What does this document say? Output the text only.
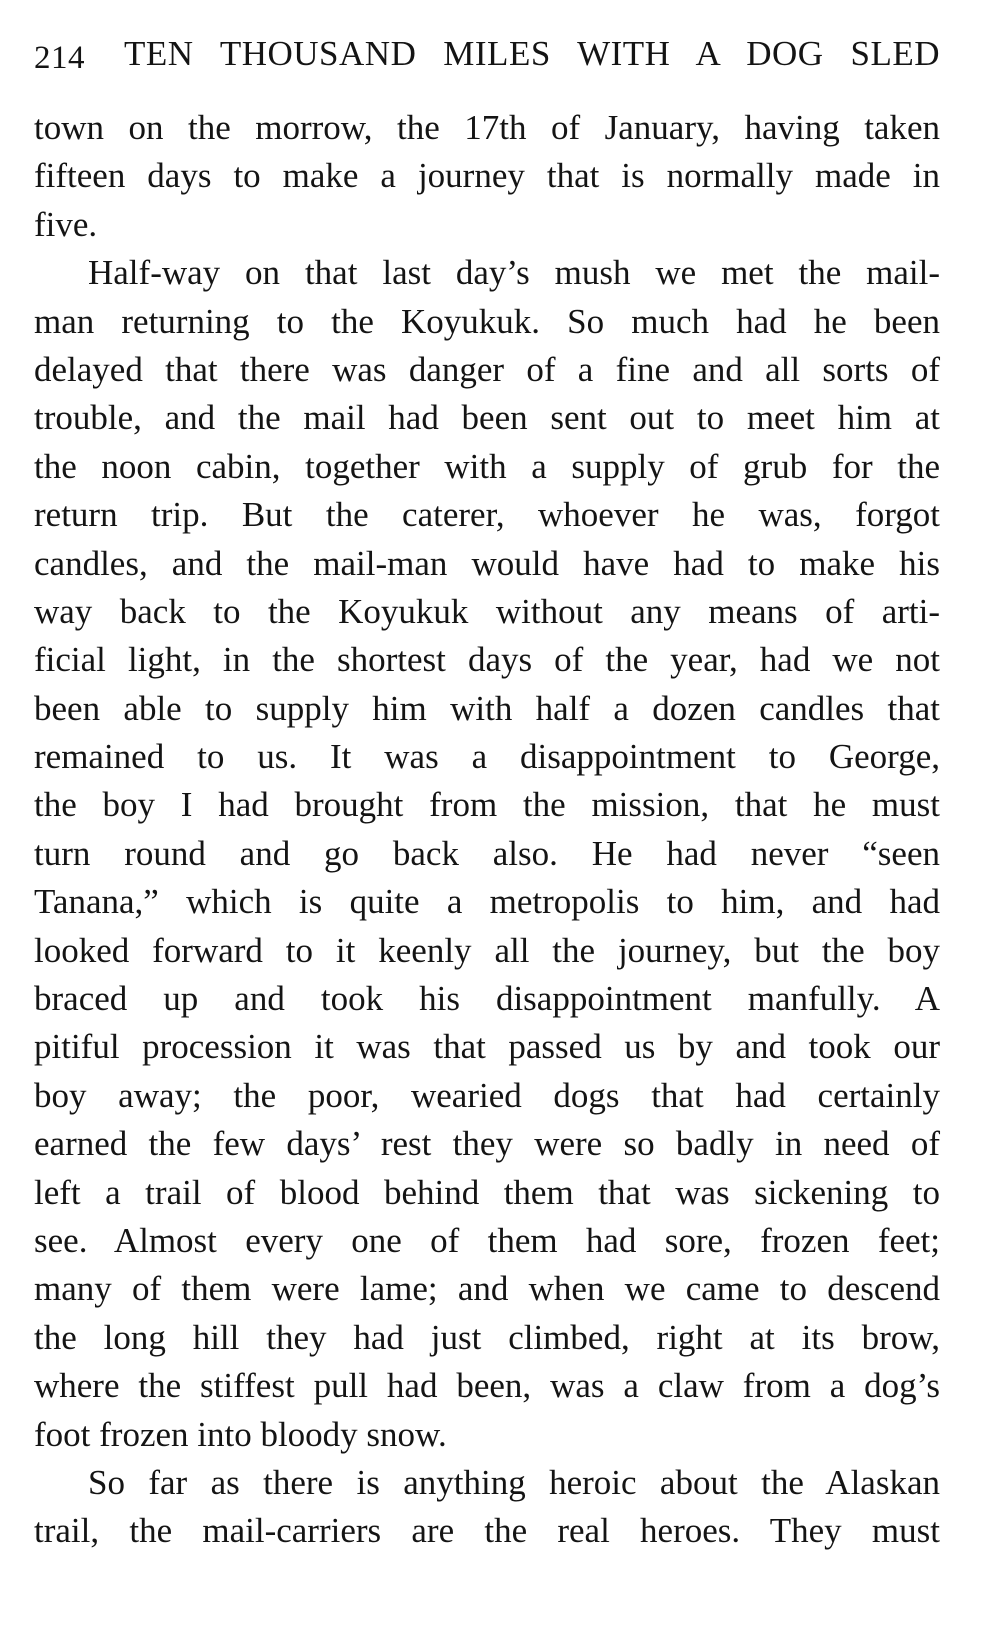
214 TEN THOUSAND MILES WITH A DOG SLED
town on the morrow, the 17th of January, having taken
fifteen days to make a journey that is normally made in
five.
Half-way on that last day’s mush we met the mail-
man returning to the Koyukuk. So much had he been
delayed that there was danger of a fine and all sorts of
trouble, and the mail had been sent out to meet him at
the noon cabin, together with a supply of grub for the
return trip. But the caterer, whoever he was, forgot
candles, and the mail-man would have had to make his
way back to the Koyukuk without any means of arti-
ficial light, in the shortest days of the year, had we not
been able to supply him with half a dozen candles that
remained to us. It was a disappointment to George,
the boy I had brought from the mission, that he must
turn round and go back also. He had never “seen
Tanana,” which is quite a metropolis to him, and had
looked forward to it keenly all the journey, but the boy
braced up and took his disappointment manfully. A
pitiful procession it was that passed us by and took our
boy away; the poor, wearied dogs that had certainly
earned the few days’ rest they were so badly in need of
left a trail of blood behind them that was sickening to
see. Almost every one of them had sore, frozen feet;
many of them were lame; and when we came to descend
the long hill they had just climbed, right at its brow,
where the stiffest pull had been, was a claw from a dog’s
foot frozen into bloody snow.
So far as there is anything heroic about the Alaskan
trail, the mail-carriers are the real heroes. They must
